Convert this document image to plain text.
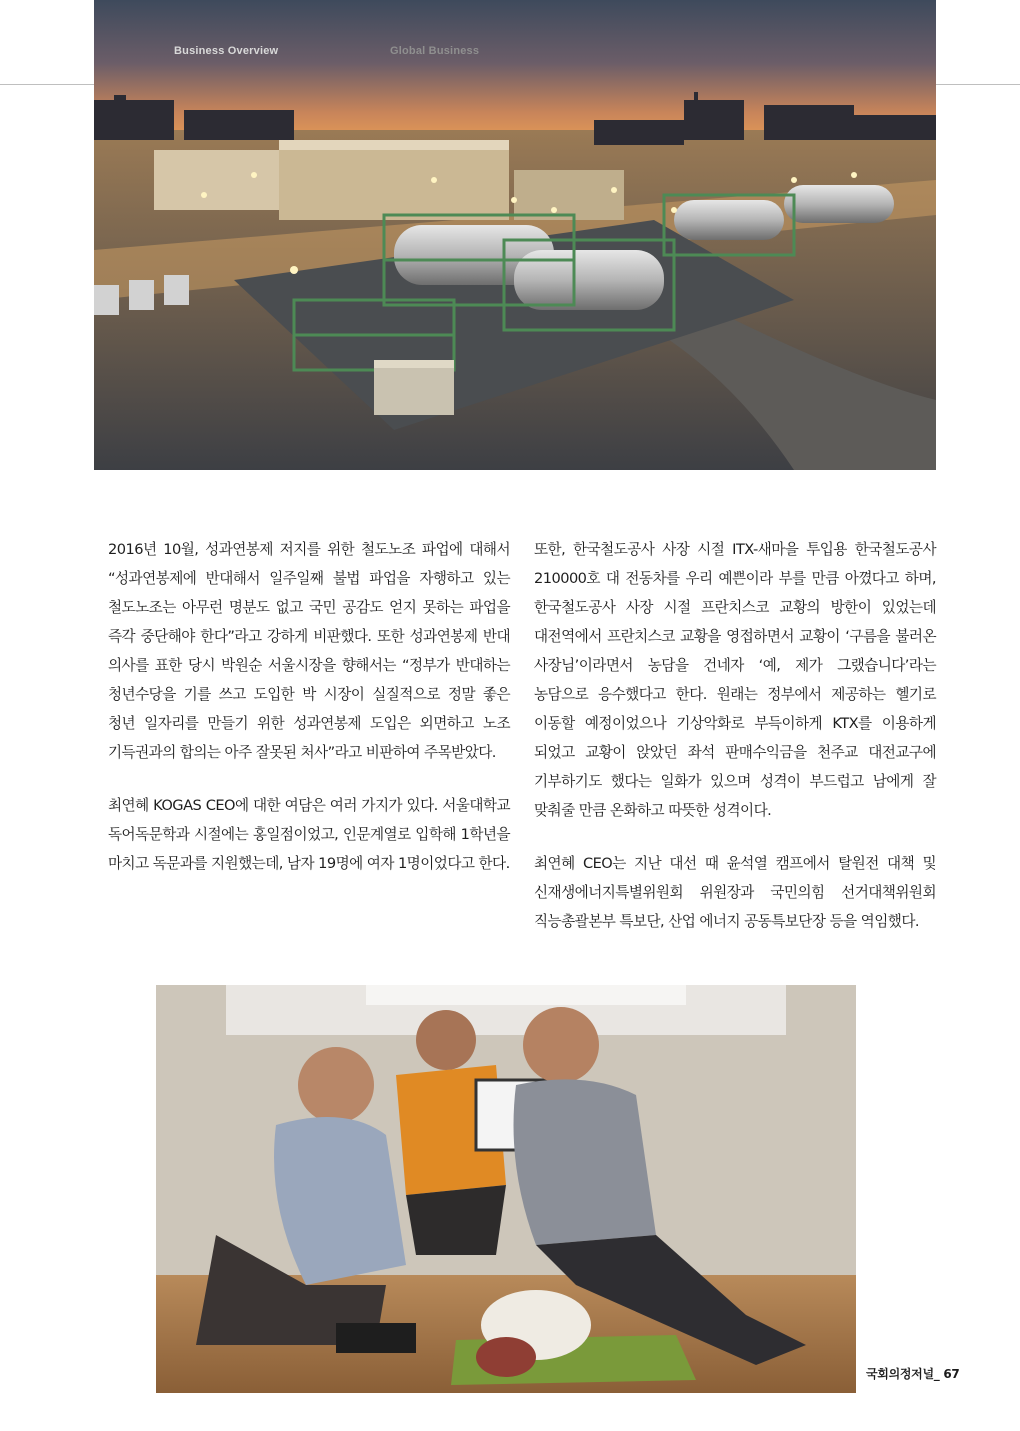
Business Overview	Global Business

2016년 10월, 성과연봉제 저지를 위한 철도노조 파업에 대해서 “성과연봉제에 반대해서 일주일째 불법 파업을 자행하고 있는 철도노조는 아무런 명분도 없고 국민 공감도 얻지 못하는 파업을 즉각 중단해야 한다”라고 강하게 비판했다. 또한 성과연봉제 반대 의사를 표한 당시 박원순 서울시장을 향해서는 “정부가 반대하는 청년수당을 기를 쓰고 도입한 박 시장이 실질적으로 정말 좋은 청년 일자리를 만들기 위한 성과연봉제 도입은 외면하고 노조 기득권과의 합의는 아주 잘못된 처사”라고 비판하여 주목받았다.

최연혜 KOGAS CEO에 대한 여담은 여러 가지가 있다. 서울대학교 독어독문학과 시절에는 홍일점이었고, 인문계열로 입학해 1학년을 마치고 독문과를 지원했는데, 남자 19명에 여자 1명이었다고 한다.

또한, 한국철도공사 사장 시절 ITX-새마을 투입용 한국철도공사 210000호 대 전동차를 우리 예쁜이라 부를 만큼 아꼈다고 하며, 한국철도공사 사장 시절 프란치스코 교황의 방한이 있었는데 대전역에서 프란치스코 교황을 영접하면서 교황이 ‘구름을 불러온 사장님’이라면서 농담을 건네자 ‘예, 제가 그랬습니다’라는 농담으로 응수했다고 한다. 원래는 정부에서 제공하는 헬기로 이동할 예정이었으나 기상악화로 부득이하게 KTX를 이용하게 되었고 교황이 앉았던 좌석 판매수익금을 천주교 대전교구에 기부하기도 했다는 일화가 있으며 성격이 부드럽고 남에게 잘 맞춰줄 만큼 온화하고 따뜻한 성격이다.

최연혜 CEO는 지난 대선 때 윤석열 캠프에서 탈원전 대책 및 신재생에너지특별위원회 위원장과 국민의힘 선거대책위원회 직능총괄본부 특보단, 산업 에너지 공동특보단장 등을 역임했다.

국회의정저널_ 67
